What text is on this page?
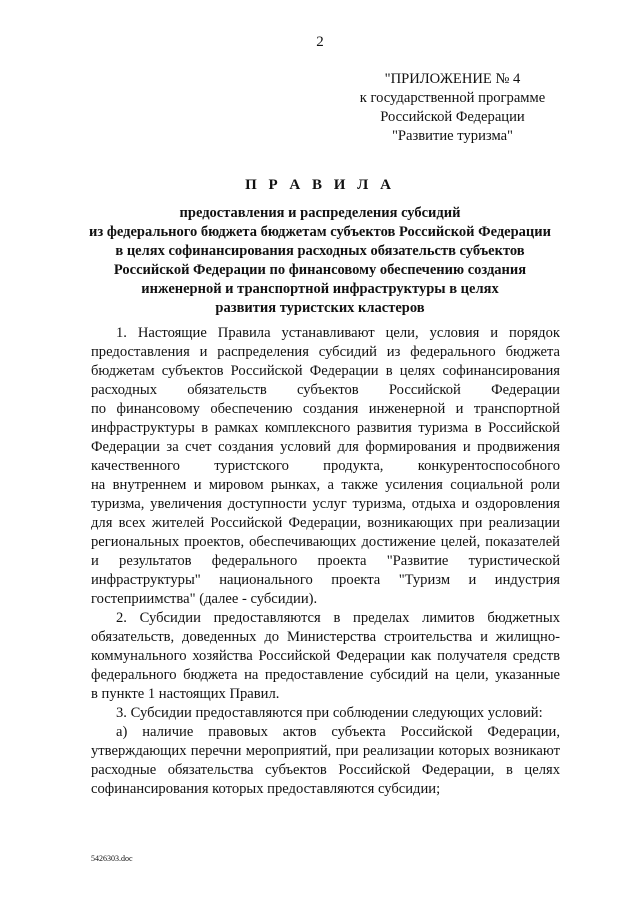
2
"ПРИЛОЖЕНИЕ № 4
к государственной программе
Российской Федерации
"Развитие туризма"
П Р А В И Л А
предоставления и распределения субсидий
из федерального бюджета бюджетам субъектов Российской Федерации
в целях софинансирования расходных обязательств субъектов
Российской Федерации по финансовому обеспечению создания
инженерной и транспортной инфраструктуры в целях
развития туристских кластеров
1. Настоящие Правила устанавливают цели, условия и порядок
предоставления и распределения субсидий из федерального бюджета
бюджетам субъектов Российской Федерации в целях софинансирования
расходных обязательств субъектов Российской Федерации
по финансовому обеспечению создания инженерной и транспортной
инфраструктуры в рамках комплексного развития туризма в Российской
Федерации за счет создания условий для формирования и продвижения
качественного туристского продукта, конкурентоспособного
на внутреннем и мировом рынках, а также усиления социальной роли
туризма, увеличения доступности услуг туризма, отдыха и оздоровления
для всех жителей Российской Федерации, возникающих при реализации
региональных проектов, обеспечивающих достижение целей, показателей
и результатов федерального проекта "Развитие туристической
инфраструктуры" национального проекта "Туризм и индустрия
гостеприимства" (далее - субсидии).
2. Субсидии предоставляются в пределах лимитов бюджетных
обязательств, доведенных до Министерства строительства и жилищно-
коммунального хозяйства Российской Федерации как получателя средств
федерального бюджета на предоставление субсидий на цели, указанные
в пункте 1 настоящих Правил.
3. Субсидии предоставляются при соблюдении следующих условий:
а) наличие правовых актов субъекта Российской Федерации,
утверждающих перечни мероприятий, при реализации которых возникают
расходные обязательства субъектов Российской Федерации, в целях
софинансирования которых предоставляются субсидии;
5426303.doc
